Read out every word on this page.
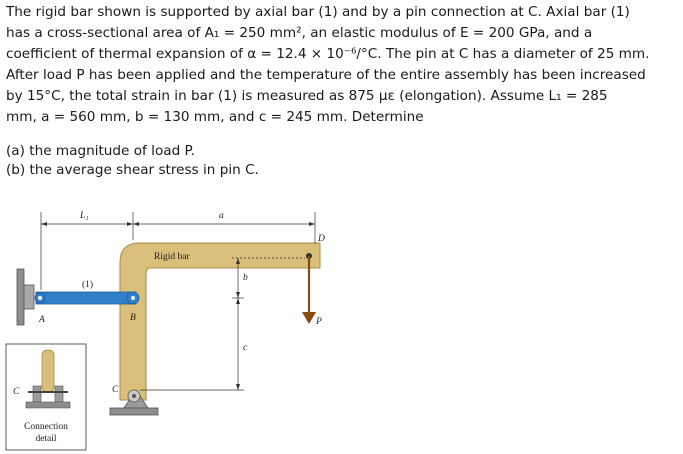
The rigid bar shown is supported by axial bar (1) and by a pin connection at C. Axial bar (1)

has a cross-sectional area of A₁ = 250 mm², an elastic modulus of E = 200 GPa, and a

coefficient of thermal expansion of α = 12.4 × 10⁻⁶/°C. The pin at C has a diameter of 25 mm.

After load P has been applied and the temperature of the entire assembly has been increased

by 15°C, the total strain in bar (1) is measured as 875 με (elongation). Assume L₁ = 285

mm, a = 560 mm, b = 130 mm, and c = 245 mm. Determine

(a) the magnitude of load P.

(b) the average shear stress in pin C.

L₁	a
b
c
Rigid bar
(1)
A	B
C
D
P
C
Connection
detail
